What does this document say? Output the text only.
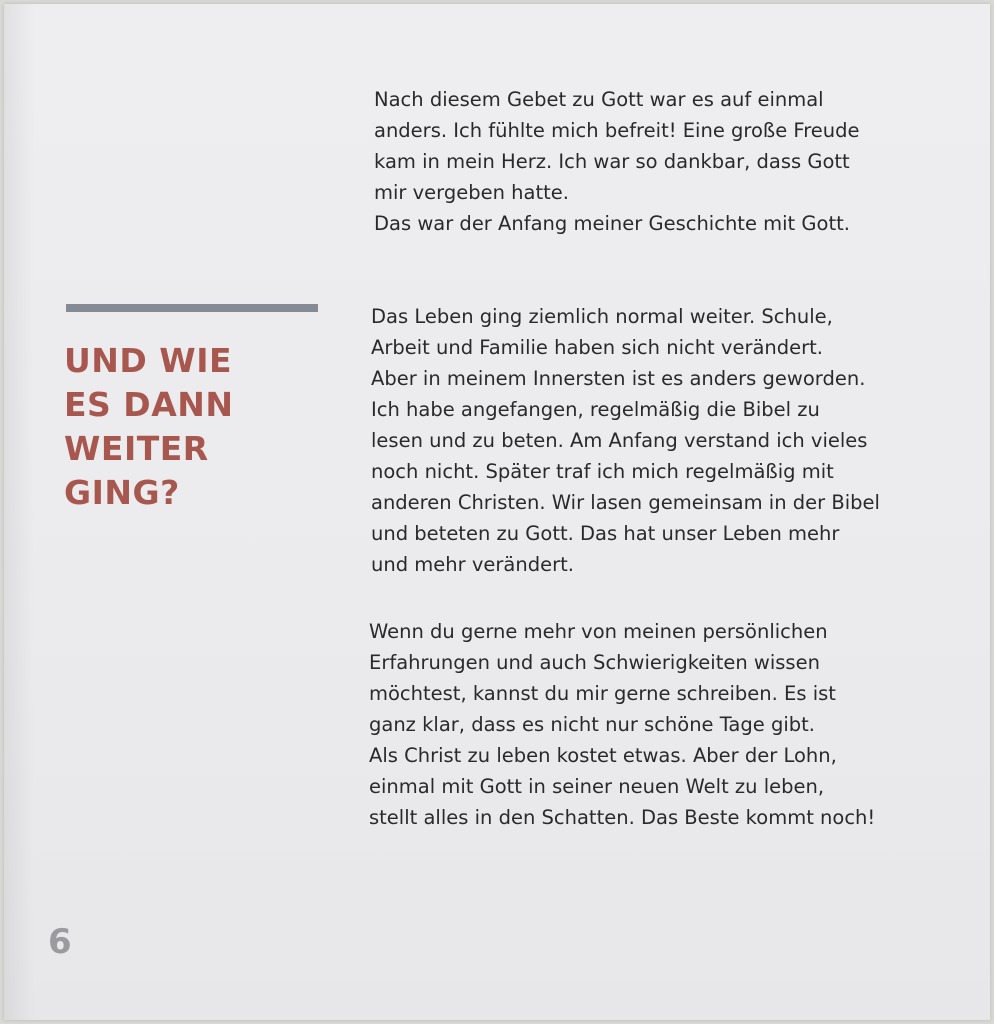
UND WIE
ES DANN
WEITER
GING?

Nach diesem Gebet zu Gott war es auf einmal
anders. Ich fühlte mich befreit! Eine große Freude
kam in mein Herz. Ich war so dankbar, dass Gott
mir vergeben hatte.
Das war der Anfang meiner Geschichte mit Gott.

Das Leben ging ziemlich normal weiter. Schule,
Arbeit und Familie haben sich nicht verändert.
Aber in meinem Innersten ist es anders geworden.
Ich habe angefangen, regelmäßig die Bibel zu
lesen und zu beten. Am Anfang verstand ich vieles
noch nicht. Später traf ich mich regelmäßig mit
anderen Christen. Wir lasen gemeinsam in der Bibel
und beteten zu Gott. Das hat unser Leben mehr
und mehr verändert.

Wenn du gerne mehr von meinen persönlichen
Erfahrungen und auch Schwierigkeiten wissen
möchtest, kannst du mir gerne schreiben. Es ist
ganz klar, dass es nicht nur schöne Tage gibt.
Als Christ zu leben kostet etwas. Aber der Lohn,
einmal mit Gott in seiner neuen Welt zu leben,
stellt alles in den Schatten. Das Beste kommt noch!

6
